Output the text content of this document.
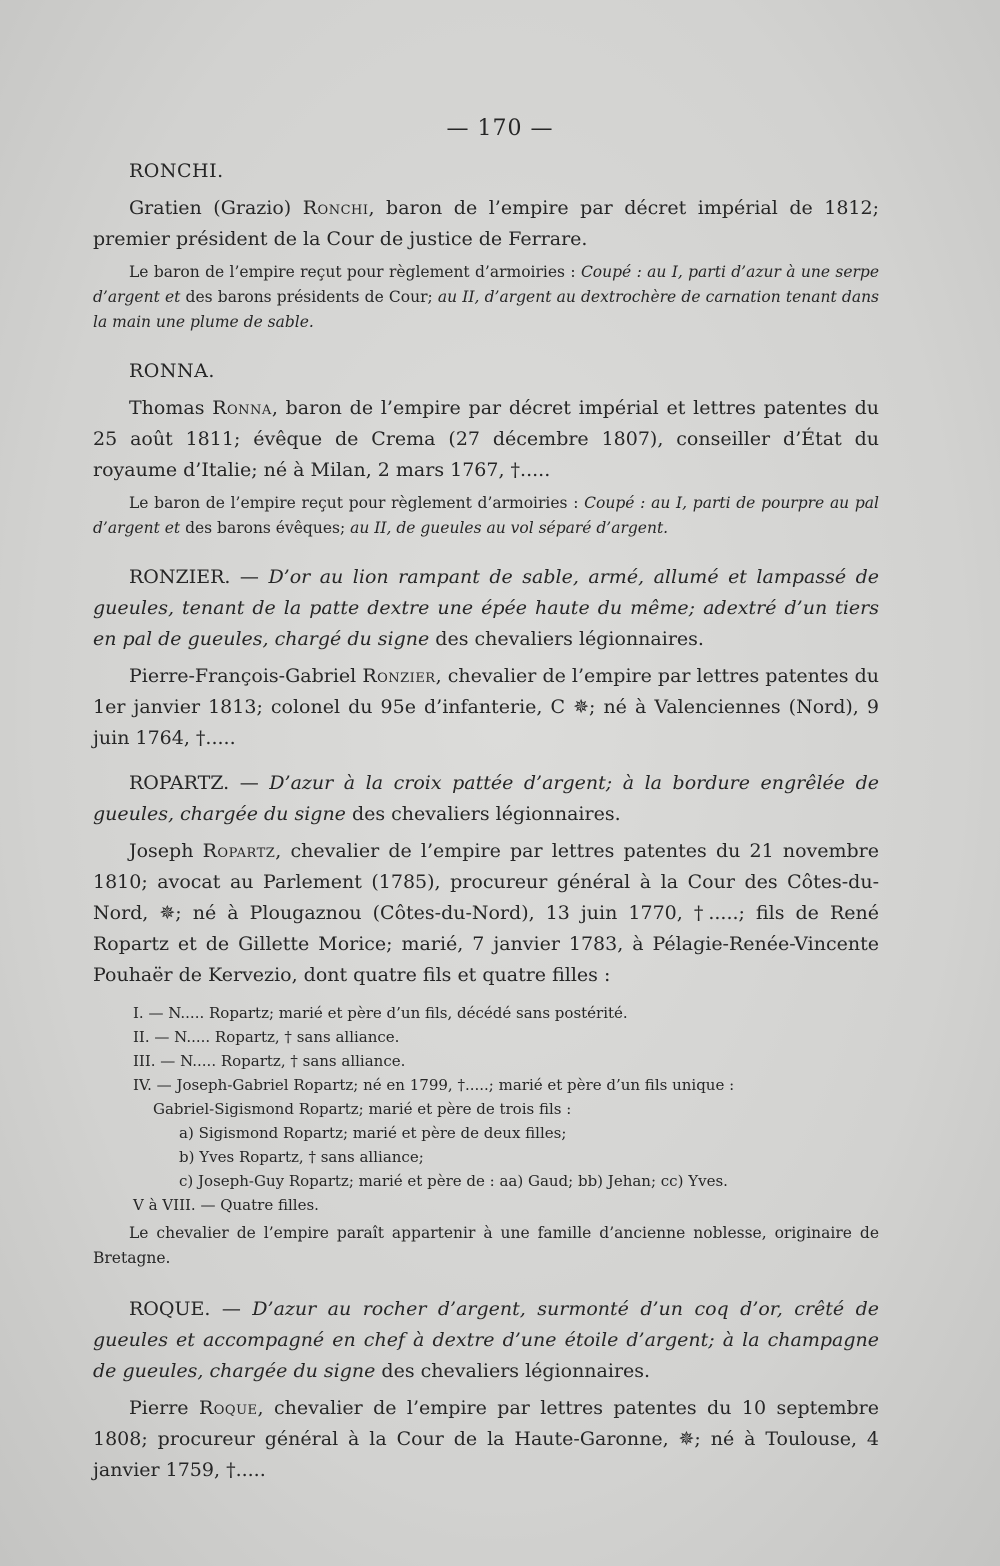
— 170 —
RONCHI.

Gratien (Grazio) Ronchi, baron de l’empire par décret impérial de 1812; premier président de la Cour de justice de Ferrare.

Le baron de l’empire reçut pour règlement d’armoiries : Coupé : au I, parti d’azur à une serpe d’argent et des barons présidents de Cour; au II, d’argent au dextrochère de carnation tenant dans la main une plume de sable.

RONNA.

Thomas Ronna, baron de l’empire par décret impérial et lettres patentes du 25 août 1811; évêque de Crema (27 décembre 1807), conseiller d’État du royaume d’Italie; né à Milan, 2 mars 1767, †.....

Le baron de l’empire reçut pour règlement d’armoiries : Coupé : au I, parti de pourpre au pal d’argent et des barons évêques; au II, de gueules au vol séparé d’argent.

RONZIER. — D’or au lion rampant de sable, armé, allumé et lampassé de gueules, tenant de la patte dextre une épée haute du même; adextré d’un tiers en pal de gueules, chargé du signe des chevaliers légionnaires.

Pierre-François-Gabriel Ronzier, chevalier de l’empire par lettres patentes du 1er janvier 1813; colonel du 95e d’infanterie, C ✵; né à Valenciennes (Nord), 9 juin 1764, †.....

ROPARTZ. — D’azur à la croix pattée d’argent; à la bordure engrêlée de gueules, chargée du signe des chevaliers légionnaires.

Joseph Ropartz, chevalier de l’empire par lettres patentes du 21 novembre 1810; avocat au Parlement (1785), procureur général à la Cour des Côtes-du-Nord, ✵; né à Plougaznou (Côtes-du-Nord), 13 juin 1770, †.....; fils de René Ropartz et de Gillette Morice; marié, 7 janvier 1783, à Pélagie-Renée-Vincente Pouhaër de Kervezio, dont quatre fils et quatre filles :

I. — N..... Ropartz; marié et père d’un fils, décédé sans postérité.
II. — N..... Ropartz, † sans alliance.
III. — N..... Ropartz, † sans alliance.
IV. — Joseph-Gabriel Ropartz; né en 1799, †.....; marié et père d’un fils unique :
Gabriel-Sigismond Ropartz; marié et père de trois fils :
a) Sigismond Ropartz; marié et père de deux filles;
b) Yves Ropartz, † sans alliance;
c) Joseph-Guy Ropartz; marié et père de : aa) Gaud; bb) Jehan; cc) Yves.
V à VIII. — Quatre filles.

Le chevalier de l’empire paraît appartenir à une famille d’ancienne noblesse, originaire de Bretagne.

ROQUE. — D’azur au rocher d’argent, surmonté d’un coq d’or, crêté de gueules et accompagné en chef à dextre d’une étoile d’argent; à la champagne de gueules, chargée du signe des chevaliers légionnaires.

Pierre Roque, chevalier de l’empire par lettres patentes du 10 septembre 1808; procureur général à la Cour de la Haute-Garonne, ✵; né à Toulouse, 4 janvier 1759, †.....
